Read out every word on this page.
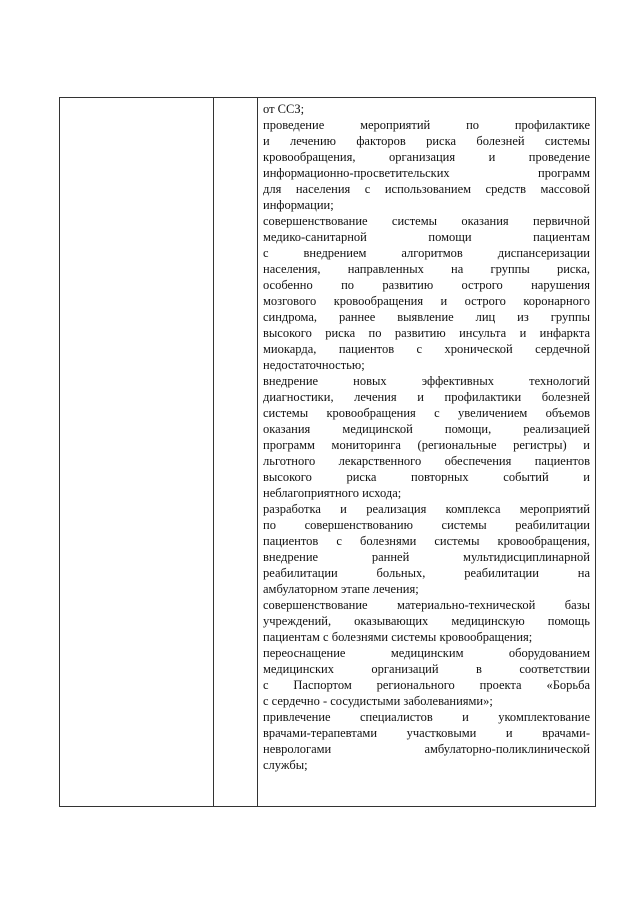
от ССЗ;
проведение мероприятий по профилактике
и лечению факторов риска болезней системы
кровообращения, организация и проведение
информационно-просветительских программ
для населения с использованием средств массовой
информации;
совершенствование системы оказания первичной
медико-санитарной помощи пациентам
с внедрением алгоритмов диспансеризации
населения, направленных на группы риска,
особенно по развитию острого нарушения
мозгового кровообращения и острого коронарного
синдрома, раннее выявление лиц из группы
высокого риска по развитию инсульта и инфаркта
миокарда, пациентов с хронической сердечной
недостаточностью;
внедрение новых эффективных технологий
диагностики, лечения и профилактики болезней
системы кровообращения с увеличением объемов
оказания медицинской помощи, реализацией
программ мониторинга (региональные регистры) и
льготного лекарственного обеспечения пациентов
высокого риска повторных событий и
неблагоприятного исхода;
разработка и реализация комплекса мероприятий
по совершенствованию системы реабилитации
пациентов с болезнями системы кровообращения,
внедрение ранней мультидисциплинарной
реабилитации больных, реабилитации на
амбулаторном этапе лечения;
совершенствование материально-технической базы
учреждений, оказывающих медицинскую помощь
пациентам с болезнями системы кровообращения;
переоснащение медицинским оборудованием
медицинских организаций в соответствии
с Паспортом регионального проекта «Борьба
с сердечно - сосудистыми заболеваниями»;
привлечение специалистов и укомплектование
врачами-терапевтами участковыми и врачами-
неврологами амбулаторно-поликлинической
службы;
